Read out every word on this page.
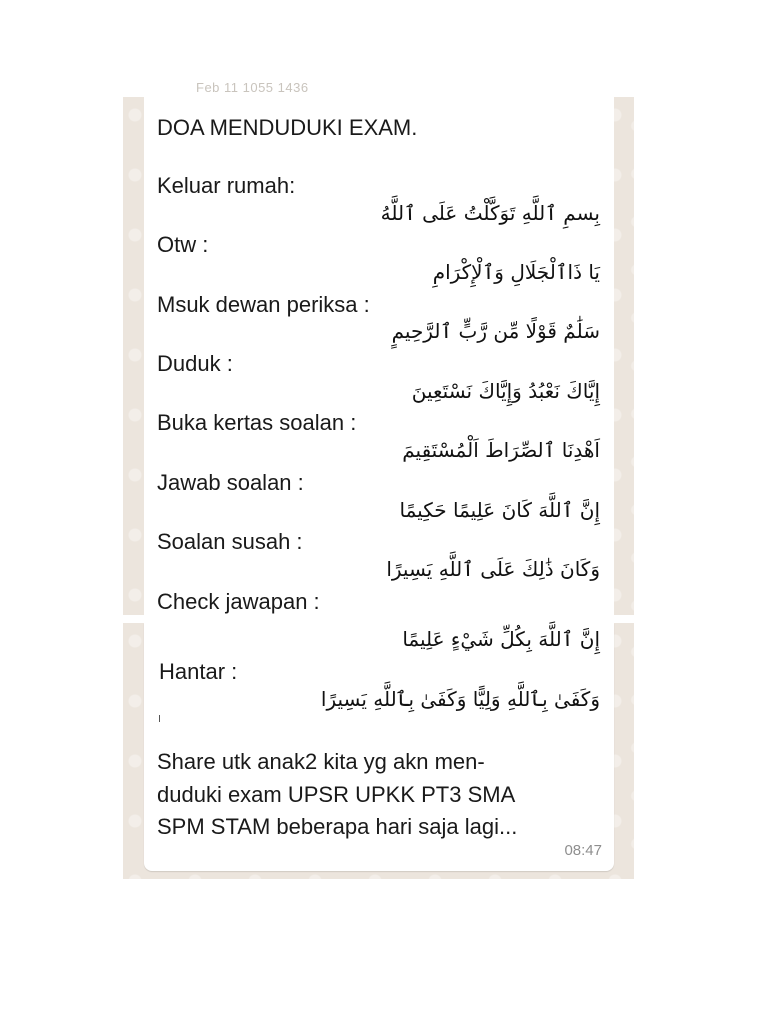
Feb 11 1055 1436
DOA MENDUDUKI EXAM.
Keluar rumah:
بِسمِ ٱللَّهِ تَوَكَّلْتُ عَلَى ٱللَّهُ
Otw :
يَا ذَاٱلْجَلَالِ وَٱلْإِكْرَامِ
Msuk dewan periksa :
سَلَٰمٌ قَوْلًا مِّن رَّبٍّ ٱلرَّحِيمٍ
Duduk :
إِيَّاكَ نَعْبُدُ وَإِيَّاكَ نَسْتَعِينَ
Buka kertas soalan :
اَهْدِنَا ٱلصِّرَاطَ اَلْمُسْتَقِيمَ
Jawab soalan :
إِنَّ ٱللَّهَ كَانَ عَلِيمًا حَكِيمًا
Soalan susah :
وَكَانَ ذَٰلِكَ عَلَى ٱللَّهِ يَسِيرًا
Check jawapan :
إِنَّ ٱللَّهَ بِكُلِّ شَيْءٍ عَلِيمًا
Hantar :
وَكَفَىٰ بِٱللَّهِ وَلِيًّا وَكَفَىٰ بِٱللَّهِ يَسِيرًا
Share utk anak2 kita yg akn men-
duduki exam UPSR UPKK PT3 SMA
SPM STAM beberapa hari saja lagi...
08:47
